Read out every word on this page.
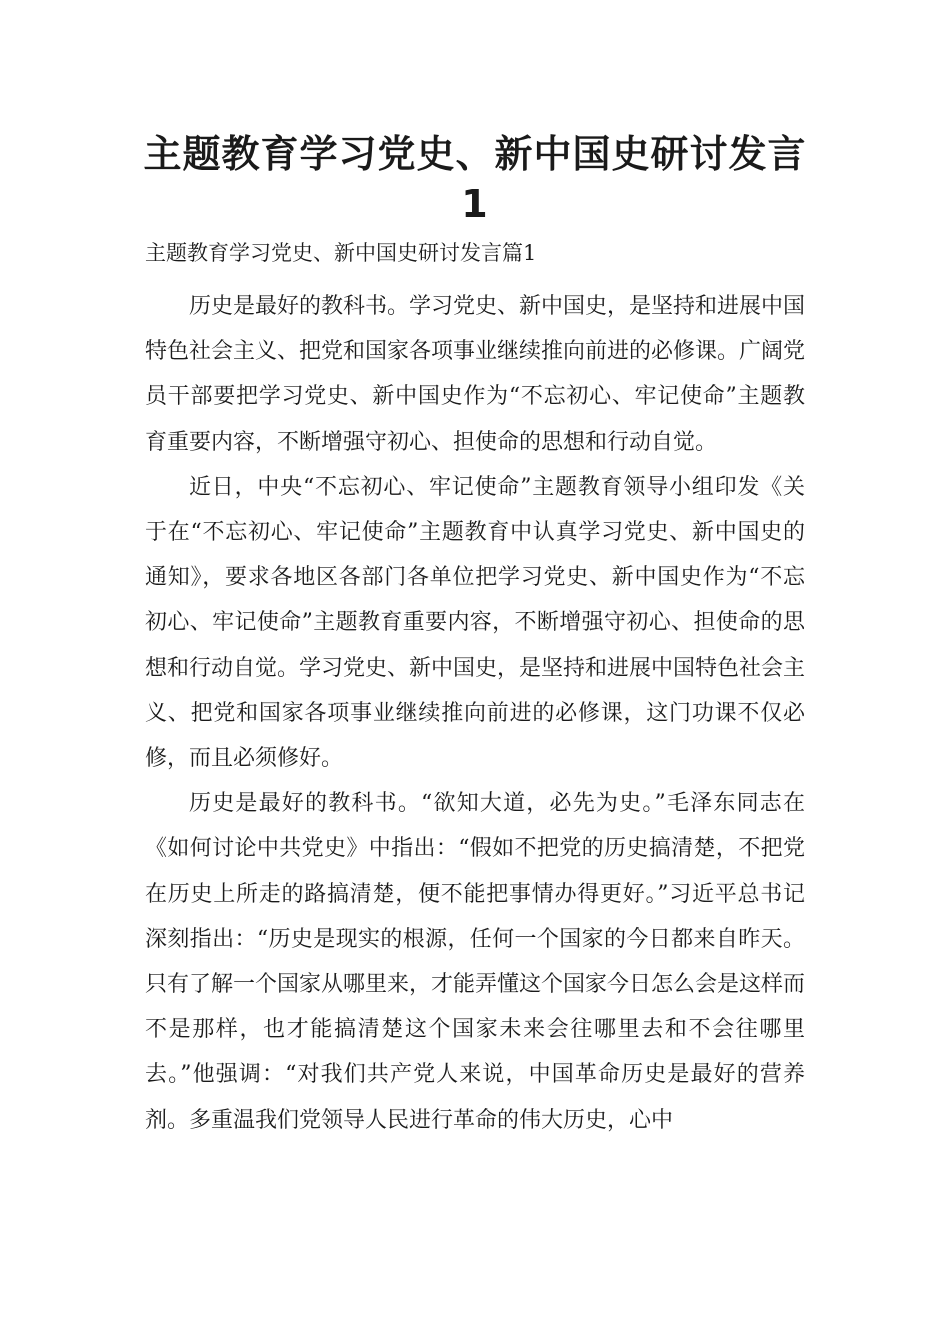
主题教育学习党史、新中国史研讨发言
1

主题教育学习党史、新中国史研讨发言篇1

历史是最好的教科书。学习党史、新中国史，是坚持和进展中国特色社会主义、把党和国家各项事业继续推向前进的必修课。广阔党员干部要把学习党史、新中国史作为“不忘初心、牢记使命”主题教育重要内容，不断增强守初心、担使命的思想和行动自觉。

近日，中央“不忘初心、牢记使命”主题教育领导小组印发《关于在“不忘初心、牢记使命”主题教育中认真学习党史、新中国史的通知》，要求各地区各部门各单位把学习党史、新中国史作为“不忘初心、牢记使命”主题教育重要内容，不断增强守初心、担使命的思想和行动自觉。学习党史、新中国史，是坚持和进展中国特色社会主义、把党和国家各项事业继续推向前进的必修课，这门功课不仅必修，而且必须修好。

历史是最好的教科书。“欲知大道，必先为史。”毛泽东同志在《如何讨论中共党史》中指出：“假如不把党的历史搞清楚，不把党在历史上所走的路搞清楚，便不能把事情办得更好。”习近平总书记深刻指出：“历史是现实的根源，任何一个国家的今日都来自昨天。只有了解一个国家从哪里来，才能弄懂这个国家今日怎么会是这样而不是那样，也才能搞清楚这个国家未来会往哪里去和不会往哪里去。”他强调：“对我们共产党人来说，中国革命历史是最好的营养剂。多重温我们党领导人民进行革命的伟大历史，心中
